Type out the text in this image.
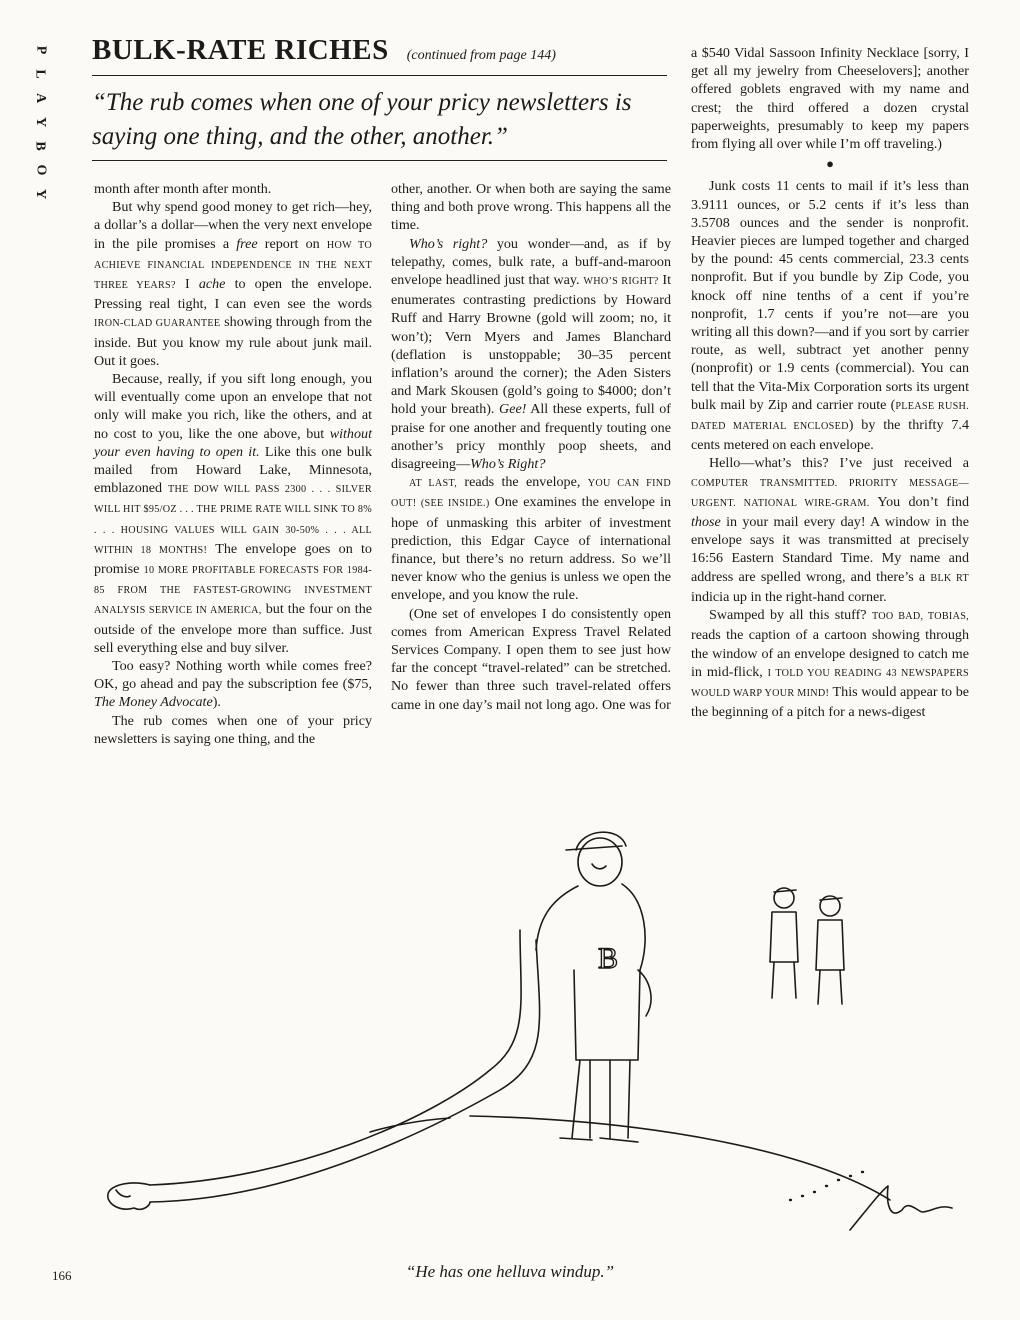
P
L
A
Y
B
O
Y
BULK-RATE RICHES (continued from page 144)
“The rub comes when one of your pricy newsletters is saying one thing, and the other, another.”

month after month after month.

But why spend good money to get rich—hey, a dollar’s a dollar—when the very next envelope in the pile promises a free report on HOW TO ACHIEVE FINANCIAL INDEPENDENCE IN THE NEXT THREE YEARS? I ache to open the envelope. Pressing real tight, I can even see the words IRON-CLAD GUARANTEE showing through from the inside. But you know my rule about junk mail. Out it goes.

Because, really, if you sift long enough, you will eventually come upon an envelope that not only will make you rich, like the others, and at no cost to you, like the one above, but without your even having to open it. Like this one bulk mailed from Howard Lake, Minnesota, emblazoned THE DOW WILL PASS 2300 . . . SILVER WILL HIT $95/OZ . . . THE PRIME RATE WILL SINK TO 8% . . . HOUSING VALUES WILL GAIN 30-50% . . . ALL WITHIN 18 MONTHS! The envelope goes on to promise 10 MORE PROFITABLE FORECASTS FOR 1984-85 FROM THE FASTEST-GROWING INVESTMENT ANALYSIS SERVICE IN AMERICA, but the four on the outside of the envelope more than suffice. Just sell everything else and buy silver.

Too easy? Nothing worth while comes free? OK, go ahead and pay the subscription fee ($75, The Money Advocate).

The rub comes when one of your pricy newsletters is saying one thing, and the

other, another. Or when both are saying the same thing and both prove wrong. This happens all the time.

Who’s right? you wonder—and, as if by telepathy, comes, bulk rate, a buff-and-maroon envelope headlined just that way. WHO’S RIGHT? It enumerates contrasting predictions by Howard Ruff and Harry Browne (gold will zoom; no, it won’t); Vern Myers and James Blanchard (deflation is unstoppable; 30–35 percent inflation’s around the corner); the Aden Sisters and Mark Skousen (gold’s going to $4000; don’t hold your breath). Gee! All these experts, full of praise for one another and frequently touting one another’s pricy monthly poop sheets, and disagreeing—Who’s Right?

AT LAST, reads the envelope, YOU CAN FIND OUT! (SEE INSIDE.) One examines the envelope in hope of unmasking this arbiter of investment prediction, this Edgar Cayce of international finance, but there’s no return address. So we’ll never know who the genius is unless we open the envelope, and you know the rule.

(One set of envelopes I do consistently open comes from American Express Travel Related Services Company. I open them to see just how far the concept “travel-related” can be stretched. No fewer than three such travel-related offers came in one day’s mail not long ago. One was for

a $540 Vidal Sassoon Infinity Necklace [sorry, I get all my jewelry from Cheeselovers]; another offered goblets engraved with my name and crest; the third offered a dozen crystal paperweights, presumably to keep my papers from flying all over while I’m off traveling.)

●

Junk costs 11 cents to mail if it’s less than 3.9111 ounces, or 5.2 cents if it’s less than 3.5708 ounces and the sender is nonprofit. Heavier pieces are lumped together and charged by the pound: 45 cents commercial, 23.3 cents nonprofit. But if you bundle by Zip Code, you knock off nine tenths of a cent if you’re nonprofit, 1.7 cents if you’re not—are you writing all this down?—and if you sort by carrier route, as well, subtract yet another penny (nonprofit) or 1.9 cents (commercial). You can tell that the Vita-Mix Corporation sorts its urgent bulk mail by Zip and carrier route (PLEASE RUSH. DATED MATERIAL ENCLOSED) by the thrifty 7.4 cents metered on each envelope.

Hello—what’s this? I’ve just received a COMPUTER TRANSMITTED. PRIORITY MESSAGE—URGENT. NATIONAL WIRE-GRAM. You don’t find those in your mail every day! A window in the envelope says it was transmitted at precisely 16:56 Eastern Standard Time. My name and address are spelled wrong, and there’s a BLK RT indicia up in the right-hand corner.

Swamped by all this stuff? TOO BAD, TOBIAS, reads the caption of a cartoon showing through the window of an envelope designed to catch me in mid-flick, I TOLD YOU READING 43 NEWSPAPERS WOULD WARP YOUR MIND! This would appear to be the beginning of a pitch for a news-digest

B
Mal
“He has one helluva windup.”
166
